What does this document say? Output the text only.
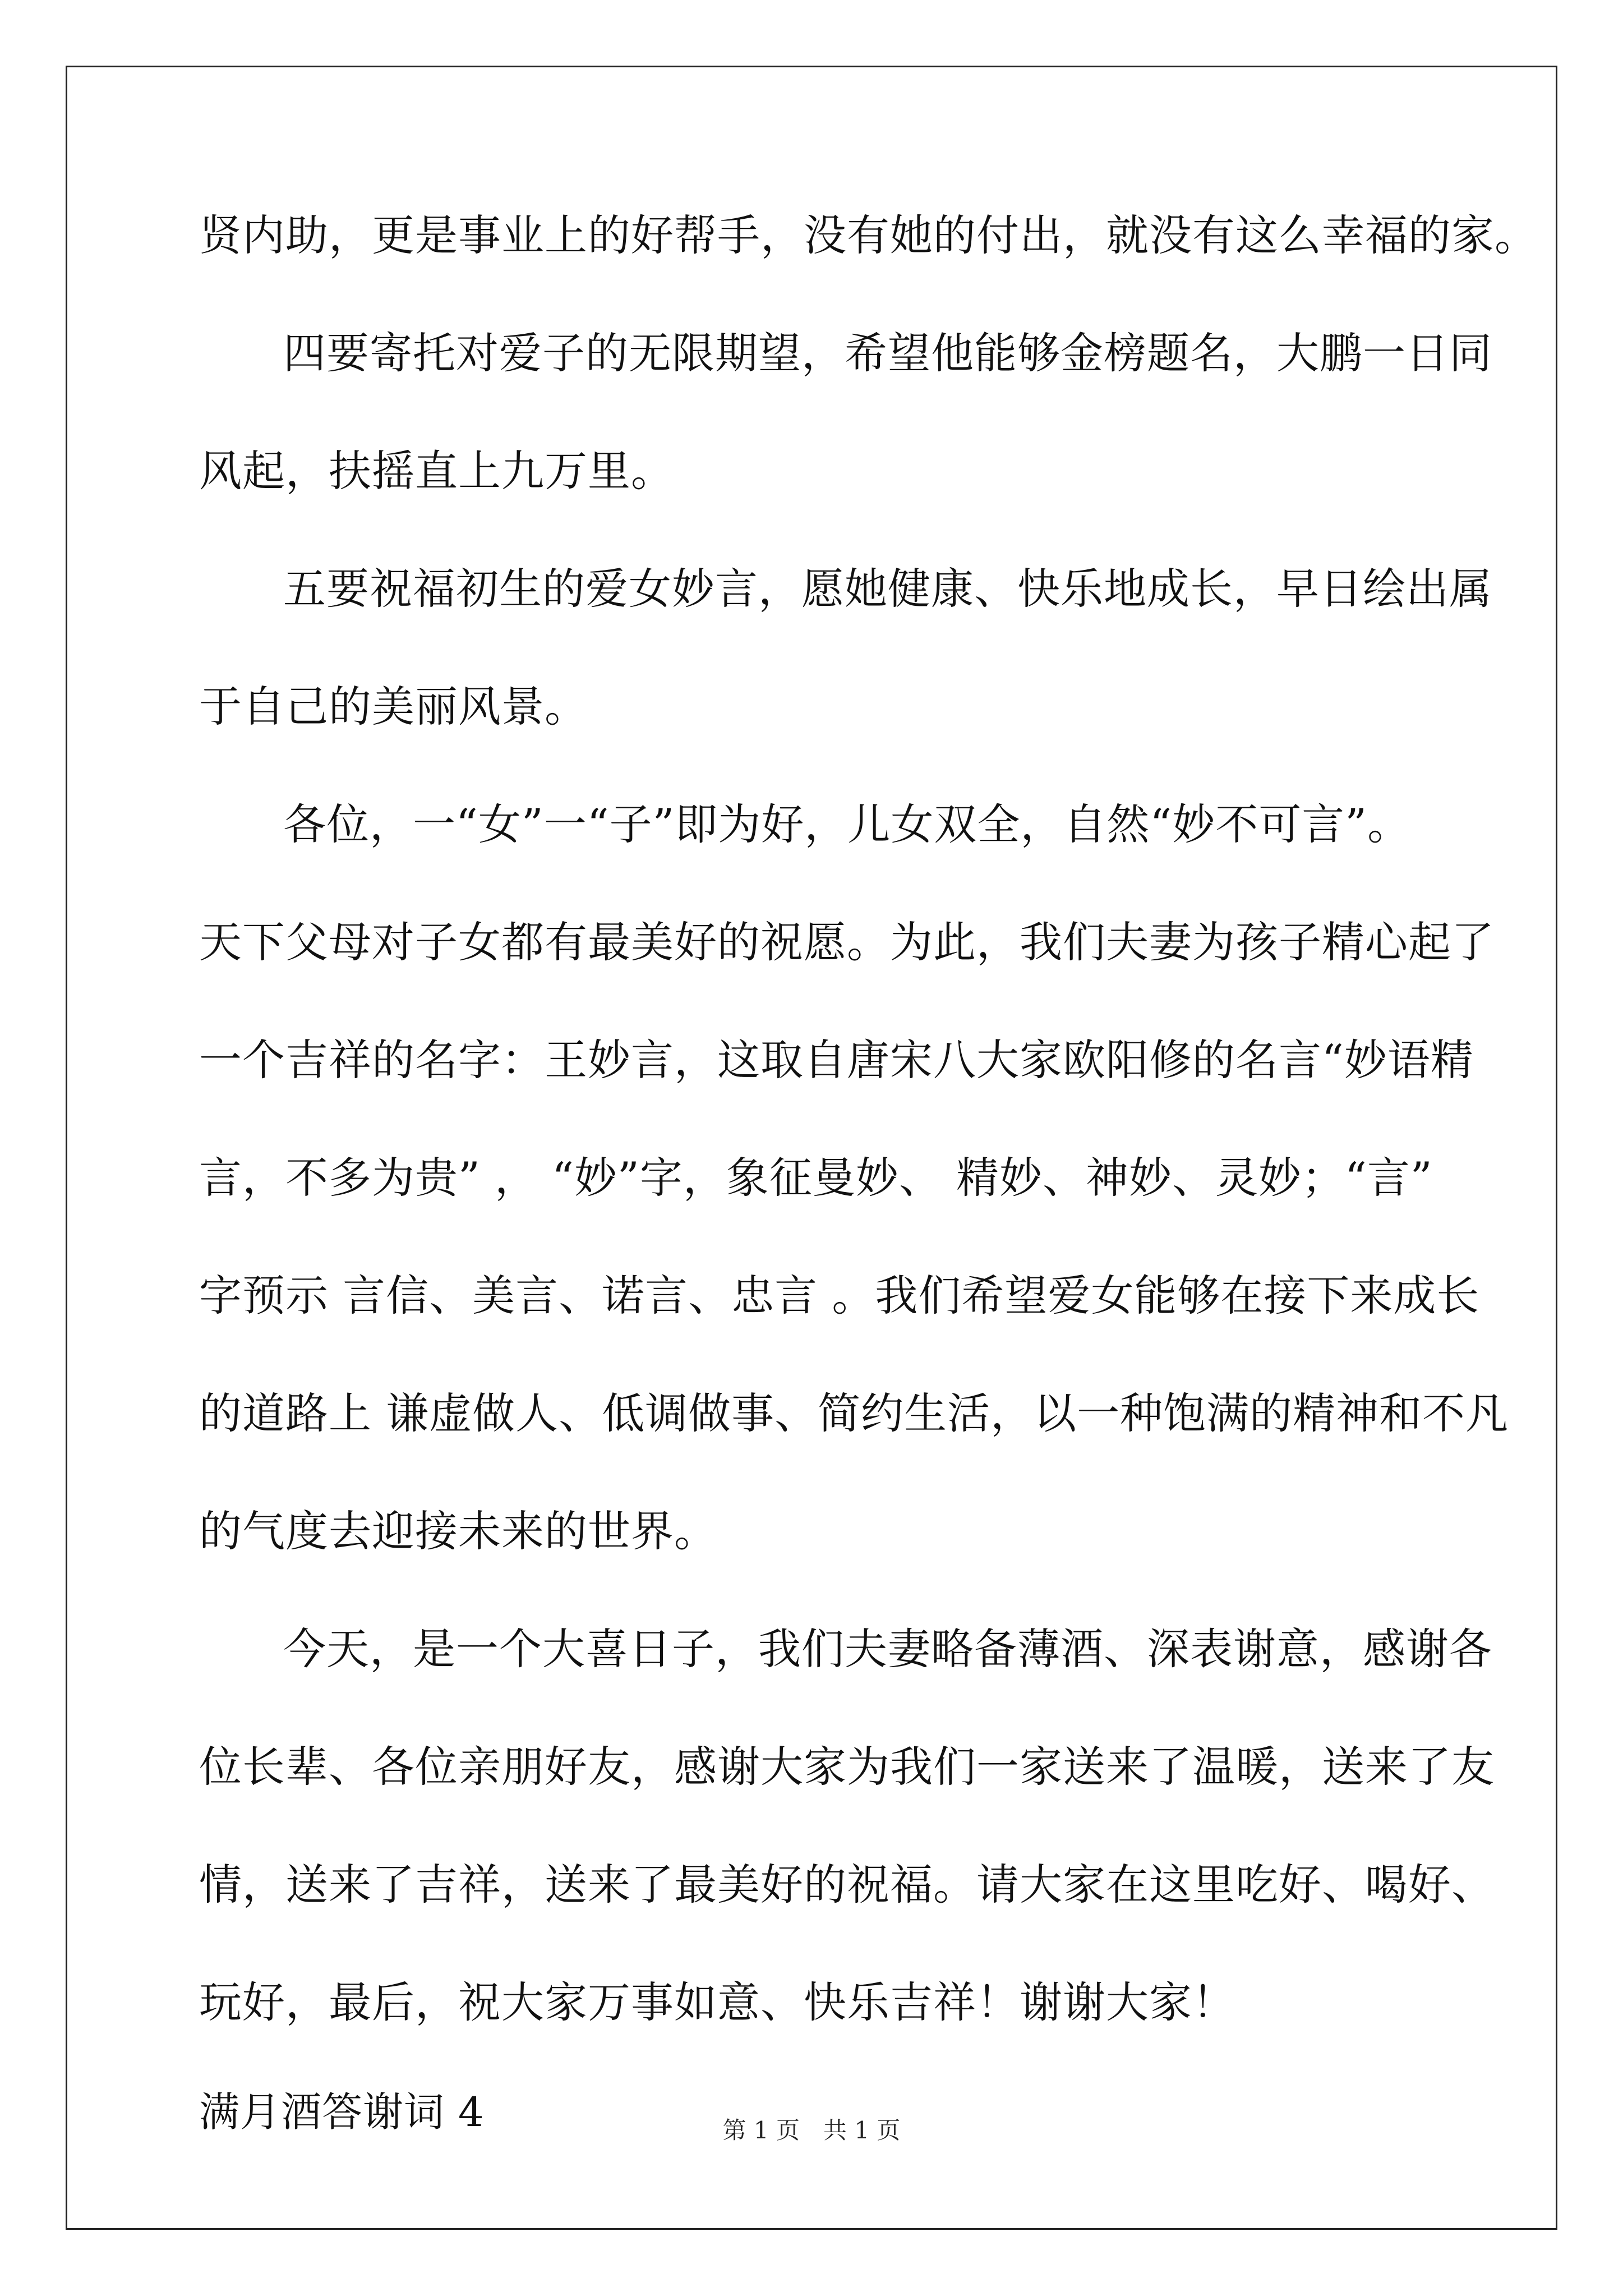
贤内助，更是事业上的好帮手，没有她的付出，就没有这么幸福的家。
四要寄托对爱子的无限期望，希望他能够金榜题名，大鹏一日同
风起，扶摇直上九万里。
五要祝福初生的爱女妙言，愿她健康、快乐地成长，早日绘出属
于自己的美丽风景。
各位，一“女”一“子”即为好，儿女双全，自然“妙不可言”。
天下父母对子女都有最美好的祝愿。为此，我们夫妻为孩子精心起了
一个吉祥的名字：王妙言，这取自唐宋八大家欧阳修的名言“妙语精
言，不多为贵” ， “妙”字，象征曼妙、 精妙、神妙、灵妙；“言”
字预示 言信、美言、诺言、忠言 。我们希望爱女能够在接下来成长
的道路上 谦虚做人、低调做事、简约生活，以一种饱满的精神和不凡
的气度去迎接未来的世界。
今天，是一个大喜日子，我们夫妻略备薄酒、深表谢意，感谢各
位长辈、各位亲朋好友，感谢大家为我们一家送来了温暖，送来了友
情，送来了吉祥，送来了最美好的祝福。请大家在这里吃好、喝好、
玩好，最后，祝大家万事如意、快乐吉祥！谢谢大家！
满月酒答谢词 4	第 1 页　共 1 页
